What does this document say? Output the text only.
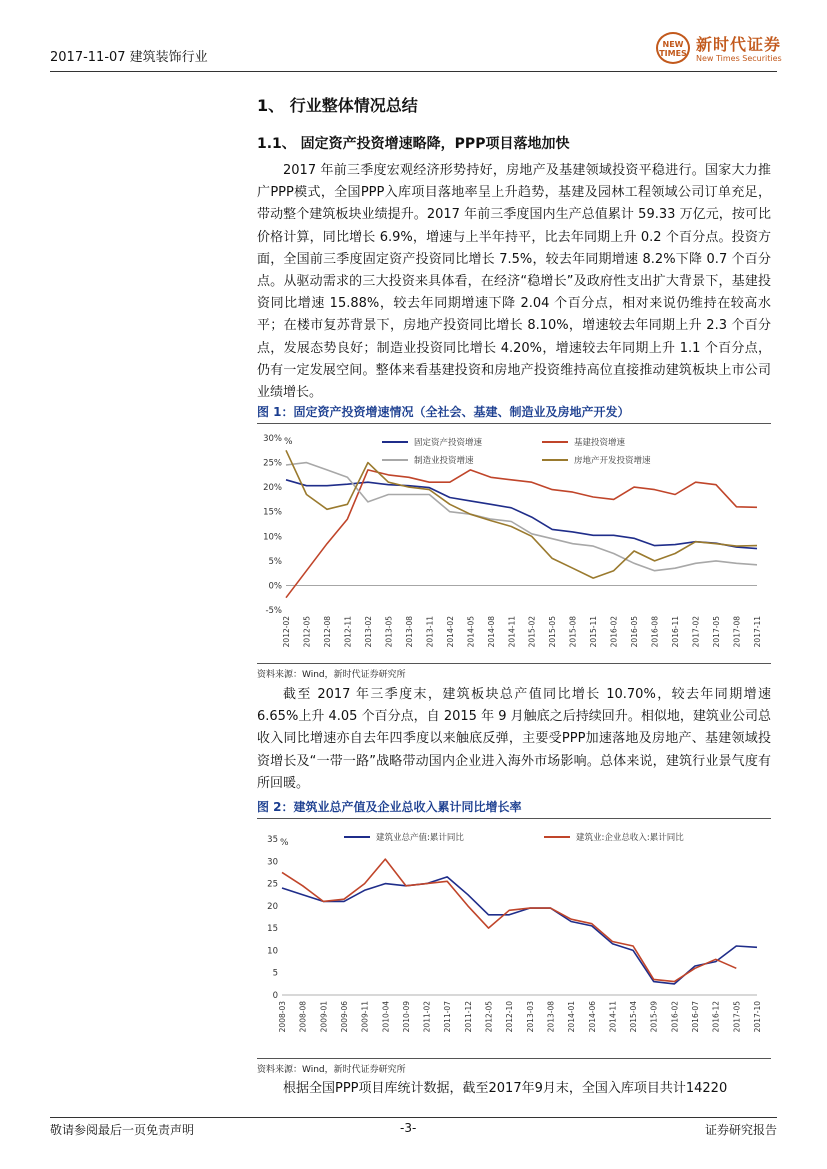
2017-11-07 建筑装饰行业
NEW TIMES 新时代证券
New Times Securities
1、 行业整体情况总结
1.1、 固定资产投资增速略降，PPP项目落地加快

2017 年前三季度宏观经济形势持好，房地产及基建领域投资平稳进行。国家大力推广PPP模式，全国PPP入库项目落地率呈上升趋势，基建及园林工程领域公司订单充足，带动整个建筑板块业绩提升。2017 年前三季度国内生产总值累计 59.33 万亿元，按可比价格计算，同比增长 6.9%，增速与上半年持平，比去年同期上升 0.2 个百分点。投资方面，全国前三季度固定资产投资同比增长 7.5%，较去年同期增速 8.2%下降 0.7 个百分点。从驱动需求的三大投资来具体看，在经济“稳增长”及政府性支出扩大背景下，基建投资同比增速 15.88%，较去年同期增速下降 2.04 个百分点，相对来说仍维持在较高水平；在楼市复苏背景下，房地产投资同比增长 8.10%，增速较去年同期上升 2.3 个百分点，发展态势良好；制造业投资同比增长 4.20%，增速较去年同期上升 1.1 个百分点，仍有一定发展空间。整体来看基建投资和房地产投资维持高位直接推动建筑板块上市公司业绩增长。

图 1：固定资产投资增速情况（全社会、基建、制造业及房地产开发）
-5%
0%
5%
10%
15%
20%
25%
30% %
2012-02 2012-05 2012-08 2012-11 2013-02 2013-05 2013-08 2013-11 2014-02 2014-05 2014-08 2014-11 2015-02 2015-05 2015-08 2015-11 2016-02 2016-05 2016-08 2016-11 2017-02 2017-05 2017-08 2017-11
固定资产投资增速	基建投资增速
制造业投资增速	房地产开发投资增速
资料来源：Wind，新时代证券研究所

截至 2017 年三季度末，建筑板块总产值同比增长 10.70%，较去年同期增速 6.65%上升 4.05 个百分点，自 2015 年 9 月触底之后持续回升。相似地，建筑业公司总收入同比增速亦自去年四季度以来触底反弹，主要受PPP加速落地及房地产、基建领域投资增长及“一带一路”战略带动国内企业进入海外市场影响。总体来说，建筑行业景气度有所回暖。

图 2：建筑业总产值及企业总收入累计同比增长率
0
5
10
15
20
25
30
35 %
2008-03 2008-08 2009-01 2009-06 2009-11 2010-04 2010-09 2011-02 2011-07 2011-12 2012-05 2012-10 2013-03 2013-08 2014-01 2014-06 2014-11 2015-04 2015-09 2016-02 2016-07 2016-12 2017-05 2017-10
建筑业总产值:累计同比	建筑业:企业总收入:累计同比
资料来源：Wind，新时代证券研究所

根据全国PPP项目库统计数据，截至2017年9月末，全国入库项目共计14220

敬请参阅最后一页免责声明	-3-	证券研究报告
